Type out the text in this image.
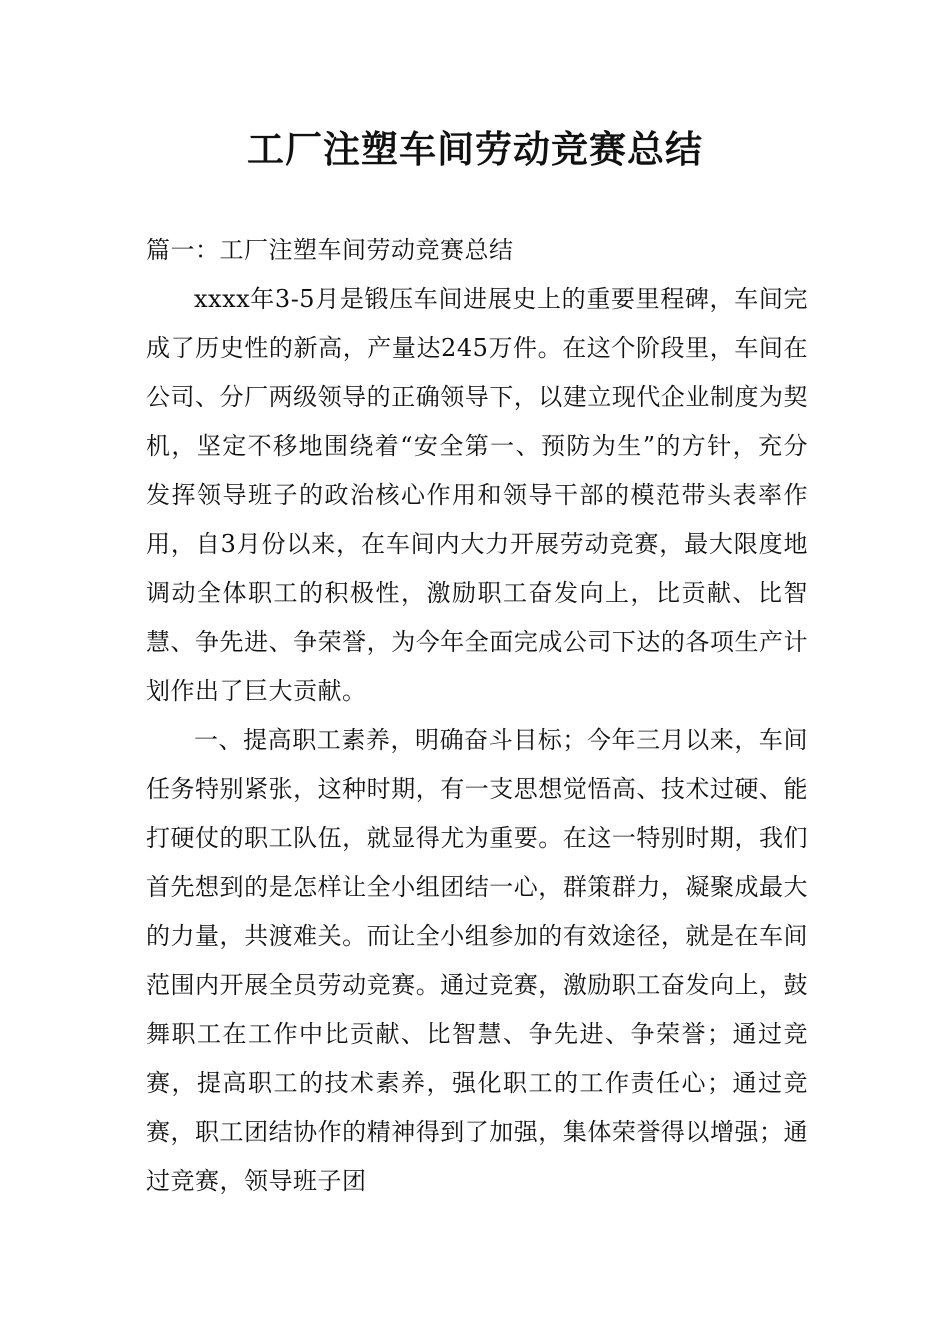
工厂注塑车间劳动竞赛总结

篇一：工厂注塑车间劳动竞赛总结

xxxx年3-5月是锻压车间进展史上的重要里程碑，车间完成了历史性的新高，产量达245万件。在这个阶段里，车间在公司、分厂两级领导的正确领导下，以建立现代企业制度为契机，坚定不移地围绕着“安全第一、预防为生”的方针，充分发挥领导班子的政治核心作用和领导干部的模范带头表率作用，自3月份以来，在车间内大力开展劳动竞赛，最大限度地调动全体职工的积极性，激励职工奋发向上，比贡献、比智慧、争先进、争荣誉，为今年全面完成公司下达的各项生产计划作出了巨大贡献。

一、提高职工素养，明确奋斗目标；今年三月以来，车间任务特别紧张，这种时期，有一支思想觉悟高、技术过硬、能打硬仗的职工队伍，就显得尤为重要。在这一特别时期，我们首先想到的是怎样让全小组团结一心，群策群力，凝聚成最大的力量，共渡难关。而让全小组参加的有效途径，就是在车间范围内开展全员劳动竞赛。通过竞赛，激励职工奋发向上，鼓舞职工在工作中比贡献、比智慧、争先进、争荣誉；通过竞赛，提高职工的技术素养，强化职工的工作责任心；通过竞赛，职工团结协作的精神得到了加强，集体荣誉得以增强；通过竞赛，领导班子团
